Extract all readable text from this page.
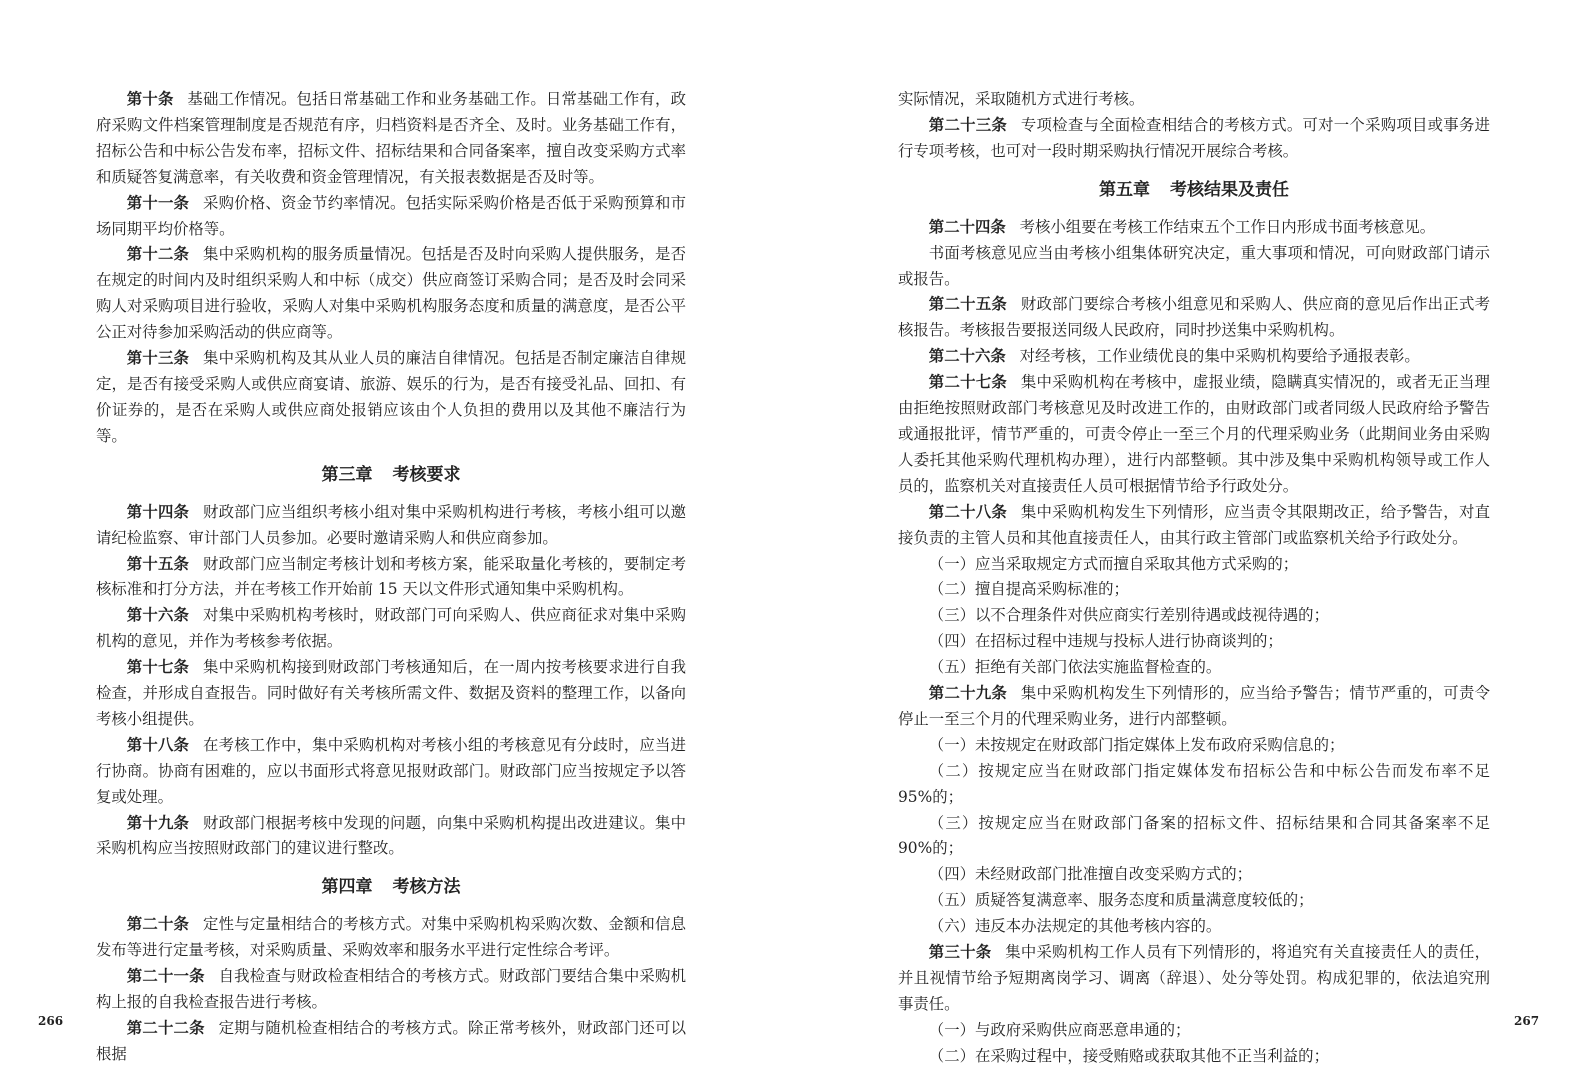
第十条 基础工作情况。包括日常基础工作和业务基础工作。日常基础工作有，政府采购文件档案管理制度是否规范有序，归档资料是否齐全、及时。业务基础工作有，招标公告和中标公告发布率，招标文件、招标结果和合同备案率，擅自改变采购方式率和质疑答复满意率，有关收费和资金管理情况，有关报表数据是否及时等。

第十一条 采购价格、资金节约率情况。包括实际采购价格是否低于采购预算和市场同期平均价格等。

第十二条 集中采购机构的服务质量情况。包括是否及时向采购人提供服务，是否在规定的时间内及时组织采购人和中标（成交）供应商签订采购合同；是否及时会同采购人对采购项目进行验收，采购人对集中采购机构服务态度和质量的满意度，是否公平公正对待参加采购活动的供应商等。

第十三条 集中采购机构及其从业人员的廉洁自律情况。包括是否制定廉洁自律规定，是否有接受采购人或供应商宴请、旅游、娱乐的行为，是否有接受礼品、回扣、有价证券的，是否在采购人或供应商处报销应该由个人负担的费用以及其他不廉洁行为等。

第三章 考核要求

第十四条 财政部门应当组织考核小组对集中采购机构进行考核，考核小组可以邀请纪检监察、审计部门人员参加。必要时邀请采购人和供应商参加。

第十五条 财政部门应当制定考核计划和考核方案，能采取量化考核的，要制定考核标准和打分方法，并在考核工作开始前 15 天以文件形式通知集中采购机构。

第十六条 对集中采购机构考核时，财政部门可向采购人、供应商征求对集中采购机构的意见，并作为考核参考依据。

第十七条 集中采购机构接到财政部门考核通知后，在一周内按考核要求进行自我检查，并形成自查报告。同时做好有关考核所需文件、数据及资料的整理工作，以备向考核小组提供。

第十八条 在考核工作中，集中采购机构对考核小组的考核意见有分歧时，应当进行协商。协商有困难的，应以书面形式将意见报财政部门。财政部门应当按规定予以答复或处理。

第十九条 财政部门根据考核中发现的问题，向集中采购机构提出改进建议。集中采购机构应当按照财政部门的建议进行整改。

第四章 考核方法

第二十条 定性与定量相结合的考核方式。对集中采购机构采购次数、金额和信息发布等进行定量考核，对采购质量、采购效率和服务水平进行定性综合考评。

第二十一条 自我检查与财政检查相结合的考核方式。财政部门要结合集中采购机构上报的自我检查报告进行考核。

第二十二条 定期与随机检查相结合的考核方式。除正常考核外，财政部门还可以根据

实际情况，采取随机方式进行考核。

第二十三条 专项检查与全面检查相结合的考核方式。可对一个采购项目或事务进行专项考核，也可对一段时期采购执行情况开展综合考核。

第五章 考核结果及责任

第二十四条 考核小组要在考核工作结束五个工作日内形成书面考核意见。

书面考核意见应当由考核小组集体研究决定，重大事项和情况，可向财政部门请示或报告。

第二十五条 财政部门要综合考核小组意见和采购人、供应商的意见后作出正式考核报告。考核报告要报送同级人民政府，同时抄送集中采购机构。

第二十六条 对经考核，工作业绩优良的集中采购机构要给予通报表彰。

第二十七条 集中采购机构在考核中，虚报业绩，隐瞒真实情况的，或者无正当理由拒绝按照财政部门考核意见及时改进工作的，由财政部门或者同级人民政府给予警告或通报批评，情节严重的，可责令停止一至三个月的代理采购业务（此期间业务由采购人委托其他采购代理机构办理），进行内部整顿。其中涉及集中采购机构领导或工作人员的，监察机关对直接责任人员可根据情节给予行政处分。

第二十八条 集中采购机构发生下列情形，应当责令其限期改正，给予警告，对直接负责的主管人员和其他直接责任人，由其行政主管部门或监察机关给予行政处分。

（一）应当采取规定方式而擅自采取其他方式采购的；

（二）擅自提高采购标准的；

（三）以不合理条件对供应商实行差别待遇或歧视待遇的；

（四）在招标过程中违规与投标人进行协商谈判的；

（五）拒绝有关部门依法实施监督检查的。

第二十九条 集中采购机构发生下列情形的，应当给予警告；情节严重的，可责令停止一至三个月的代理采购业务，进行内部整顿。

（一）未按规定在财政部门指定媒体上发布政府采购信息的；

（二）按规定应当在财政部门指定媒体发布招标公告和中标公告而发布率不足 95%的；

（三）按规定应当在财政部门备案的招标文件、招标结果和合同其备案率不足 90%的；

（四）未经财政部门批准擅自改变采购方式的；

（五）质疑答复满意率、服务态度和质量满意度较低的；

（六）违反本办法规定的其他考核内容的。

第三十条 集中采购机构工作人员有下列情形的，将追究有关直接责任人的责任，并且视情节给予短期离岗学习、调离（辞退）、处分等处罚。构成犯罪的，依法追究刑事责任。

（一）与政府采购供应商恶意串通的；

（二）在采购过程中，接受贿赂或获取其他不正当利益的；

266	267
